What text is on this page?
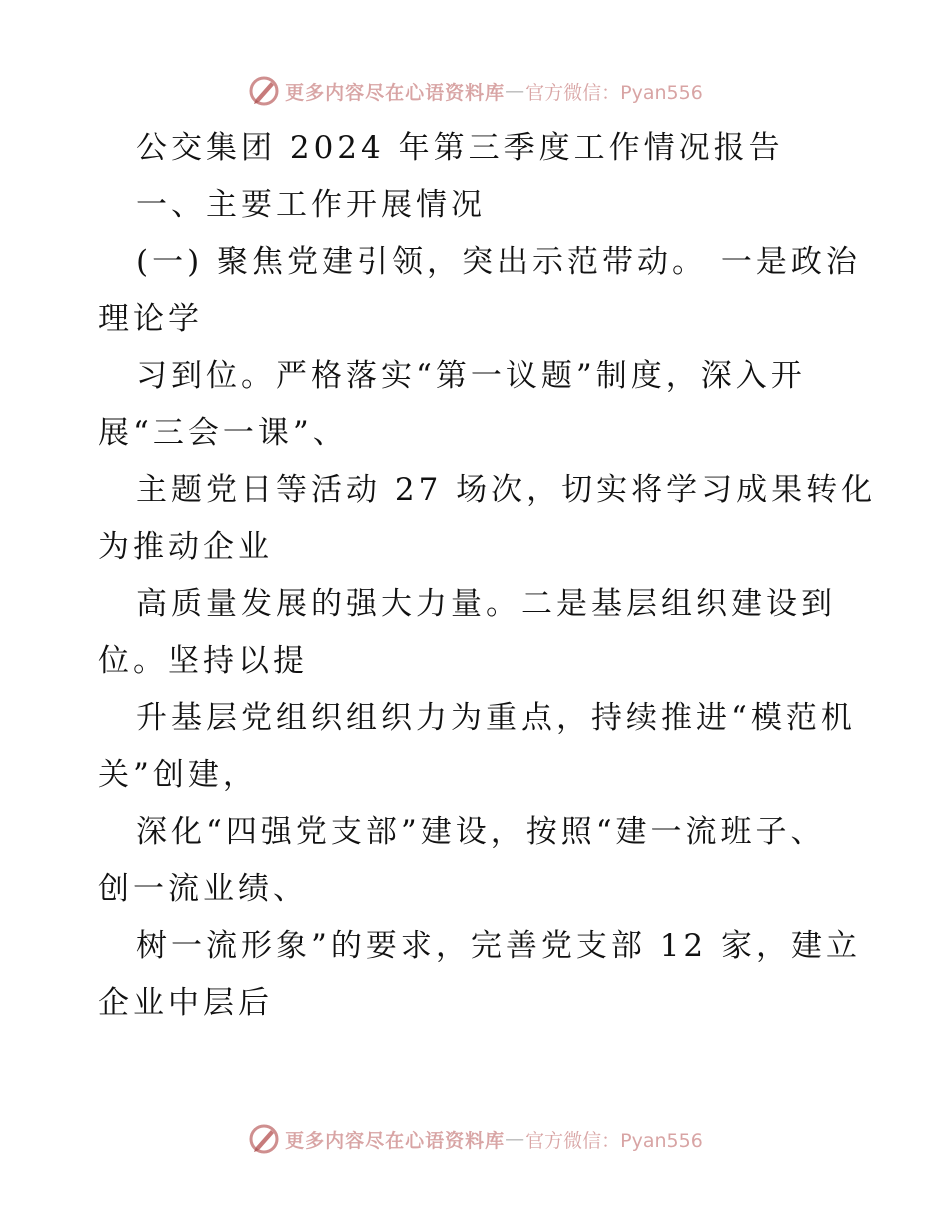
更多内容尽在心语资料库 — 官方微信：Pyan556
公交集团 2024 年第三季度工作情况报告
一、主要工作开展情况
(一) 聚焦党建引领，突出示范带动。 一是政治
理论学
习到位。严格落实“第一议题”制度，深入开
展“三会一课”、
主题党日等活动 27 场次，切实将学习成果转化
为推动企业
高质量发展的强大力量。二是基层组织建设到
位。坚持以提
升基层党组织组织力为重点，持续推进“模范机
关”创建，
深化“四强党支部”建设，按照“建一流班子、
创一流业绩、
树一流形象”的要求，完善党支部 12 家，建立
企业中层后
更多内容尽在心语资料库 — 官方微信：Pyan556
